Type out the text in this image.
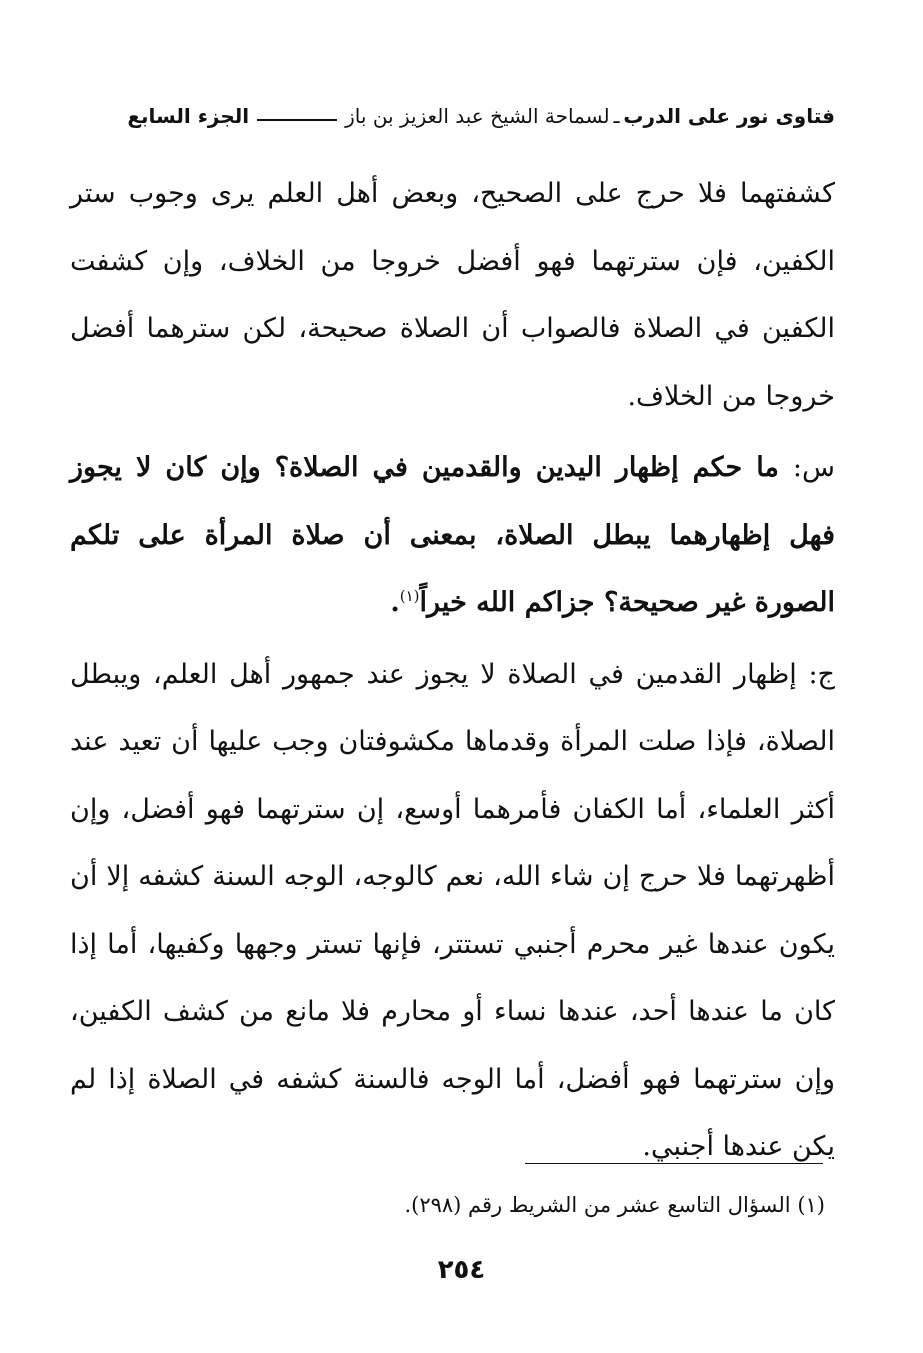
فتاوى نور على الدرب
ـ
لسماحة الشيخ عبد العزيز بن باز
الجزء السابع

كشفتهما فلا حرج على الصحيح، وبعض أهل العلم يرى وجوب ستر الكفين، فإن سترتهما فهو أفضل خروجا من الخلاف، وإن كشفت الكفين في الصلاة فالصواب أن الصلاة صحيحة، لكن سترهما أفضل خروجا من الخلاف.

س: ما حكم إظهار اليدين والقدمين في الصلاة؟ وإن كان لا يجوز فهل إظهارهما يبطل الصلاة، بمعنى أن صلاة المرأة على تلكم الصورة غير صحيحة؟ جزاكم الله خيراً$^{(١)}$.

ج: إظهار القدمين في الصلاة لا يجوز عند جمهور أهل العلم، ويبطل الصلاة، فإذا صلت المرأة وقدماها مكشوفتان وجب عليها أن تعيد عند أكثر العلماء، أما الكفان فأمرهما أوسع، إن سترتهما فهو أفضل، وإن أظهرتهما فلا حرج إن شاء الله، نعم كالوجه، الوجه السنة كشفه إلا أن يكون عندها غير محرم أجنبي تستتر، فإنها تستر وجهها وكفيها، أما إذا كان ما عندها أحد، عندها نساء أو محارم فلا مانع من كشف الكفين، وإن سترتهما فهو أفضل، أما الوجه فالسنة كشفه في الصلاة إذا لم يكن عندها أجنبي.

(١) السؤال التاسع عشر من الشريط رقم (٢٩٨).
٢٥٤
